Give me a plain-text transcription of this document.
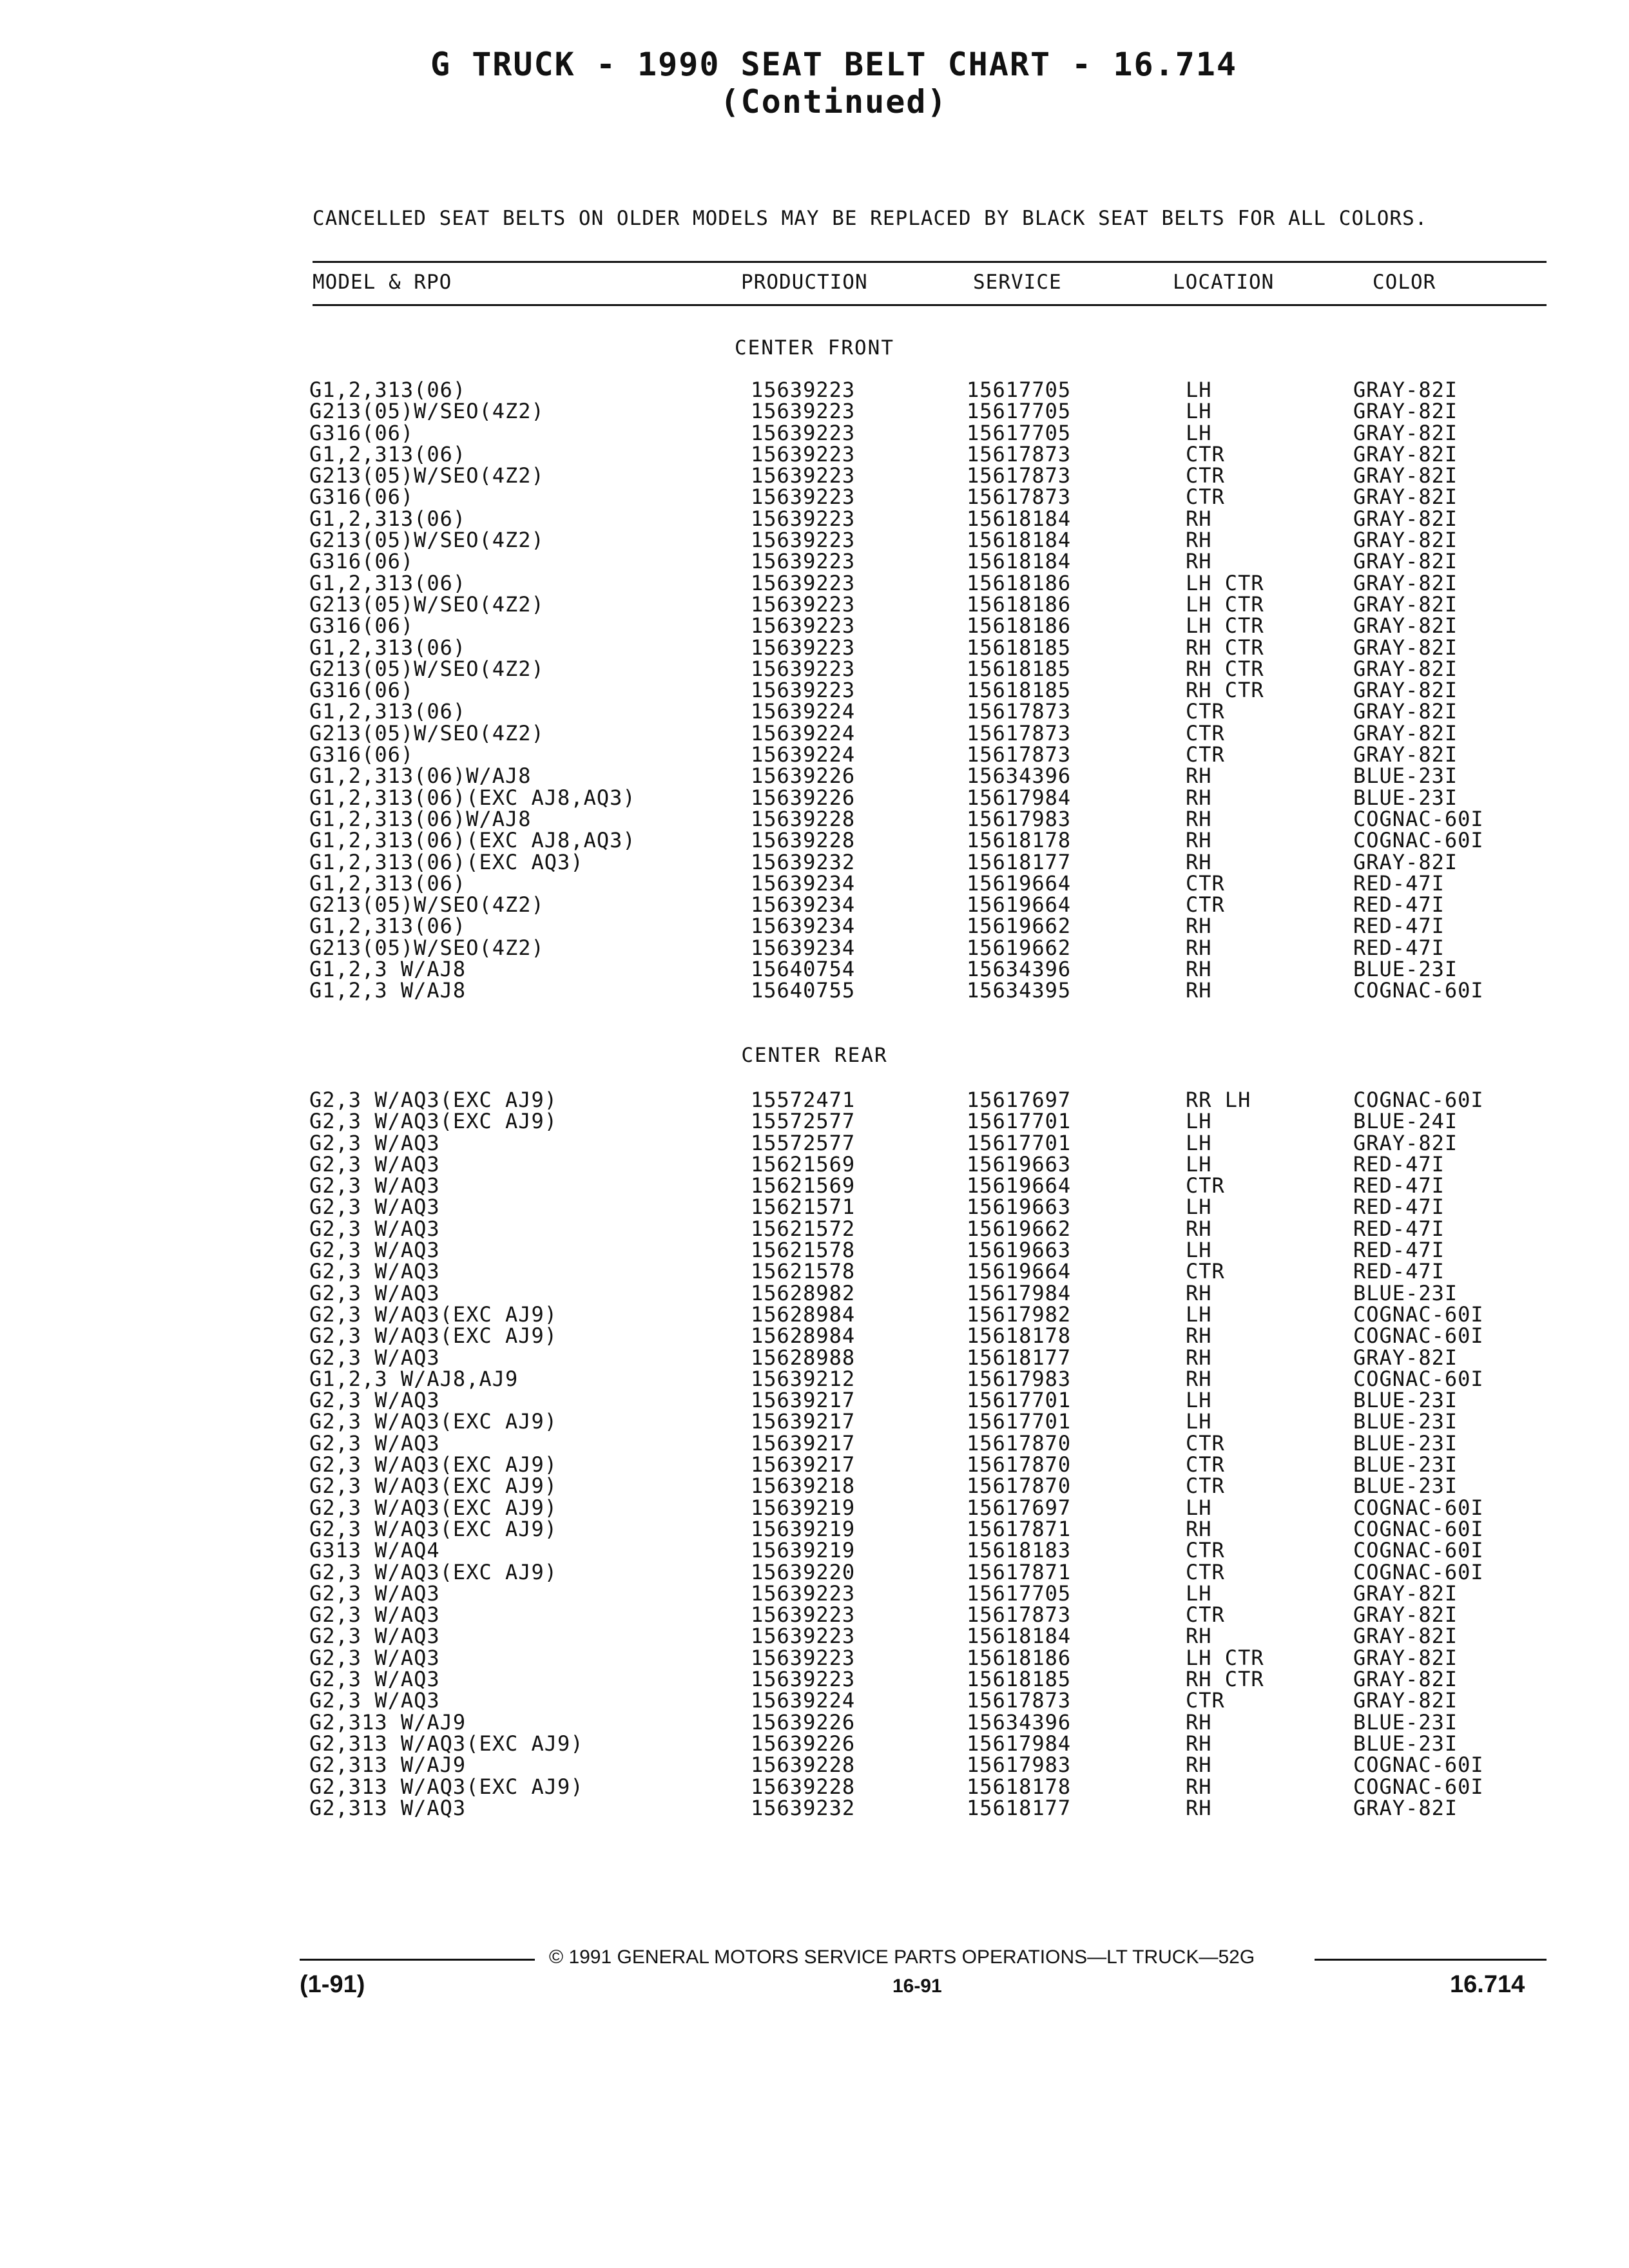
G TRUCK - 1990 SEAT BELT CHART - 16.714
(Continued)
CANCELLED SEAT BELTS ON OLDER MODELS MAY BE REPLACED BY BLACK SEAT BELTS FOR ALL COLORS.
MODEL & RPO	PRODUCTION	SERVICE	LOCATION	COLOR
CENTER FRONT
G1,2,313(06)	15639223	15617705	LH	GRAY-82I
G213(05)W/SEO(4Z2)	15639223	15617705	LH	GRAY-82I
G316(06)	15639223	15617705	LH	GRAY-82I
G1,2,313(06)	15639223	15617873	CTR	GRAY-82I
G213(05)W/SEO(4Z2)	15639223	15617873	CTR	GRAY-82I
G316(06)	15639223	15617873	CTR	GRAY-82I
G1,2,313(06)	15639223	15618184	RH	GRAY-82I
G213(05)W/SEO(4Z2)	15639223	15618184	RH	GRAY-82I
G316(06)	15639223	15618184	RH	GRAY-82I
G1,2,313(06)	15639223	15618186	LH CTR	GRAY-82I
G213(05)W/SEO(4Z2)	15639223	15618186	LH CTR	GRAY-82I
G316(06)	15639223	15618186	LH CTR	GRAY-82I
G1,2,313(06)	15639223	15618185	RH CTR	GRAY-82I
G213(05)W/SEO(4Z2)	15639223	15618185	RH CTR	GRAY-82I
G316(06)	15639223	15618185	RH CTR	GRAY-82I
G1,2,313(06)	15639224	15617873	CTR	GRAY-82I
G213(05)W/SEO(4Z2)	15639224	15617873	CTR	GRAY-82I
G316(06)	15639224	15617873	CTR	GRAY-82I
G1,2,313(06)W/AJ8	15639226	15634396	RH	BLUE-23I
G1,2,313(06)(EXC AJ8,AQ3)	15639226	15617984	RH	BLUE-23I
G1,2,313(06)W/AJ8	15639228	15617983	RH	COGNAC-60I
G1,2,313(06)(EXC AJ8,AQ3)	15639228	15618178	RH	COGNAC-60I
G1,2,313(06)(EXC AQ3)	15639232	15618177	RH	GRAY-82I
G1,2,313(06)	15639234	15619664	CTR	RED-47I
G213(05)W/SEO(4Z2)	15639234	15619664	CTR	RED-47I
G1,2,313(06)	15639234	15619662	RH	RED-47I
G213(05)W/SEO(4Z2)	15639234	15619662	RH	RED-47I
G1,2,3 W/AJ8	15640754	15634396	RH	BLUE-23I
G1,2,3 W/AJ8	15640755	15634395	RH	COGNAC-60I
CENTER REAR
G2,3 W/AQ3(EXC AJ9)	15572471	15617697	RR LH	COGNAC-60I
G2,3 W/AQ3(EXC AJ9)	15572577	15617701	LH	BLUE-24I
G2,3 W/AQ3	15572577	15617701	LH	GRAY-82I
G2,3 W/AQ3	15621569	15619663	LH	RED-47I
G2,3 W/AQ3	15621569	15619664	CTR	RED-47I
G2,3 W/AQ3	15621571	15619663	LH	RED-47I
G2,3 W/AQ3	15621572	15619662	RH	RED-47I
G2,3 W/AQ3	15621578	15619663	LH	RED-47I
G2,3 W/AQ3	15621578	15619664	CTR	RED-47I
G2,3 W/AQ3	15628982	15617984	RH	BLUE-23I
G2,3 W/AQ3(EXC AJ9)	15628984	15617982	LH	COGNAC-60I
G2,3 W/AQ3(EXC AJ9)	15628984	15618178	RH	COGNAC-60I
G2,3 W/AQ3	15628988	15618177	RH	GRAY-82I
G1,2,3 W/AJ8,AJ9	15639212	15617983	RH	COGNAC-60I
G2,3 W/AQ3	15639217	15617701	LH	BLUE-23I
G2,3 W/AQ3(EXC AJ9)	15639217	15617701	LH	BLUE-23I
G2,3 W/AQ3	15639217	15617870	CTR	BLUE-23I
G2,3 W/AQ3(EXC AJ9)	15639217	15617870	CTR	BLUE-23I
G2,3 W/AQ3(EXC AJ9)	15639218	15617870	CTR	BLUE-23I
G2,3 W/AQ3(EXC AJ9)	15639219	15617697	LH	COGNAC-60I
G2,3 W/AQ3(EXC AJ9)	15639219	15617871	RH	COGNAC-60I
G313 W/AQ4	15639219	15618183	CTR	COGNAC-60I
G2,3 W/AQ3(EXC AJ9)	15639220	15617871	CTR	COGNAC-60I
G2,3 W/AQ3	15639223	15617705	LH	GRAY-82I
G2,3 W/AQ3	15639223	15617873	CTR	GRAY-82I
G2,3 W/AQ3	15639223	15618184	RH	GRAY-82I
G2,3 W/AQ3	15639223	15618186	LH CTR	GRAY-82I
G2,3 W/AQ3	15639223	15618185	RH CTR	GRAY-82I
G2,3 W/AQ3	15639224	15617873	CTR	GRAY-82I
G2,313 W/AJ9	15639226	15634396	RH	BLUE-23I
G2,313 W/AQ3(EXC AJ9)	15639226	15617984	RH	BLUE-23I
G2,313 W/AJ9	15639228	15617983	RH	COGNAC-60I
G2,313 W/AQ3(EXC AJ9)	15639228	15618178	RH	COGNAC-60I
G2,313 W/AQ3	15639232	15618177	RH	GRAY-82I
© 1991 GENERAL MOTORS SERVICE PARTS OPERATIONS—LT TRUCK—52G
(1-91)	16-91	16.714
